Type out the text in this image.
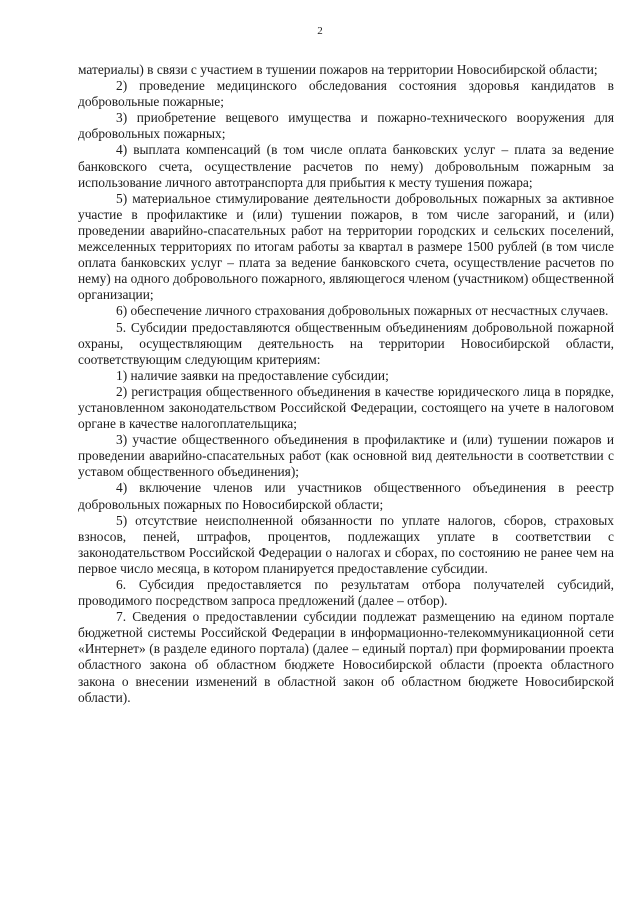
2

материалы) в связи с участием в тушении пожаров на территории Новосибирской области;

2) проведение медицинского обследования состояния здоровья кандидатов в добровольные пожарные;

3) приобретение вещевого имущества и пожарно-технического вооружения для добровольных пожарных;

4) выплата компенсаций (в том числе оплата банковских услуг – плата за ведение банковского счета, осуществление расчетов по нему) добровольным пожарным за использование личного автотранспорта для прибытия к месту тушения пожара;

5) материальное стимулирование деятельности добровольных пожарных за активное участие в профилактике и (или) тушении пожаров, в том числе загораний, и (или) проведении аварийно-спасательных работ на территории городских и сельских поселений, межселенных территориях по итогам работы за квартал в размере 1500 рублей (в том числе оплата банковских услуг – плата за ведение банковского счета, осуществление расчетов по нему) на одного добровольного пожарного, являющегося членом (участником) общественной организации;

6) обеспечение личного страхования добровольных пожарных от несчастных случаев.

5. Субсидии предоставляются общественным объединениям добровольной пожарной охраны, осуществляющим деятельность на территории Новосибирской области, соответствующим следующим критериям:

1) наличие заявки на предоставление субсидии;

2) регистрация общественного объединения в качестве юридического лица в порядке, установленном законодательством Российской Федерации, состоящего на учете в налоговом органе в качестве налогоплательщика;

3) участие общественного объединения в профилактике и (или) тушении пожаров и проведении аварийно-спасательных работ (как основной вид деятельности в соответствии с уставом общественного объединения);

4) включение членов или участников общественного объединения в реестр добровольных пожарных по Новосибирской области;

5) отсутствие неисполненной обязанности по уплате налогов, сборов, страховых взносов, пеней, штрафов, процентов, подлежащих уплате в соответствии с законодательством Российской Федерации о налогах и сборах, по состоянию не ранее чем на первое число месяца, в котором планируется предоставление субсидии.

6. Субсидия предоставляется по результатам отбора получателей субсидий, проводимого посредством запроса предложений (далее – отбор).

7. Сведения о предоставлении субсидии подлежат размещению на едином портале бюджетной системы Российской Федерации в информационно-телекоммуникационной сети «Интернет» (в разделе единого портала) (далее – единый портал) при формировании проекта областного закона об областном бюджете Новосибирской области (проекта областного закона о внесении изменений в областной закон об областном бюджете Новосибирской области).
